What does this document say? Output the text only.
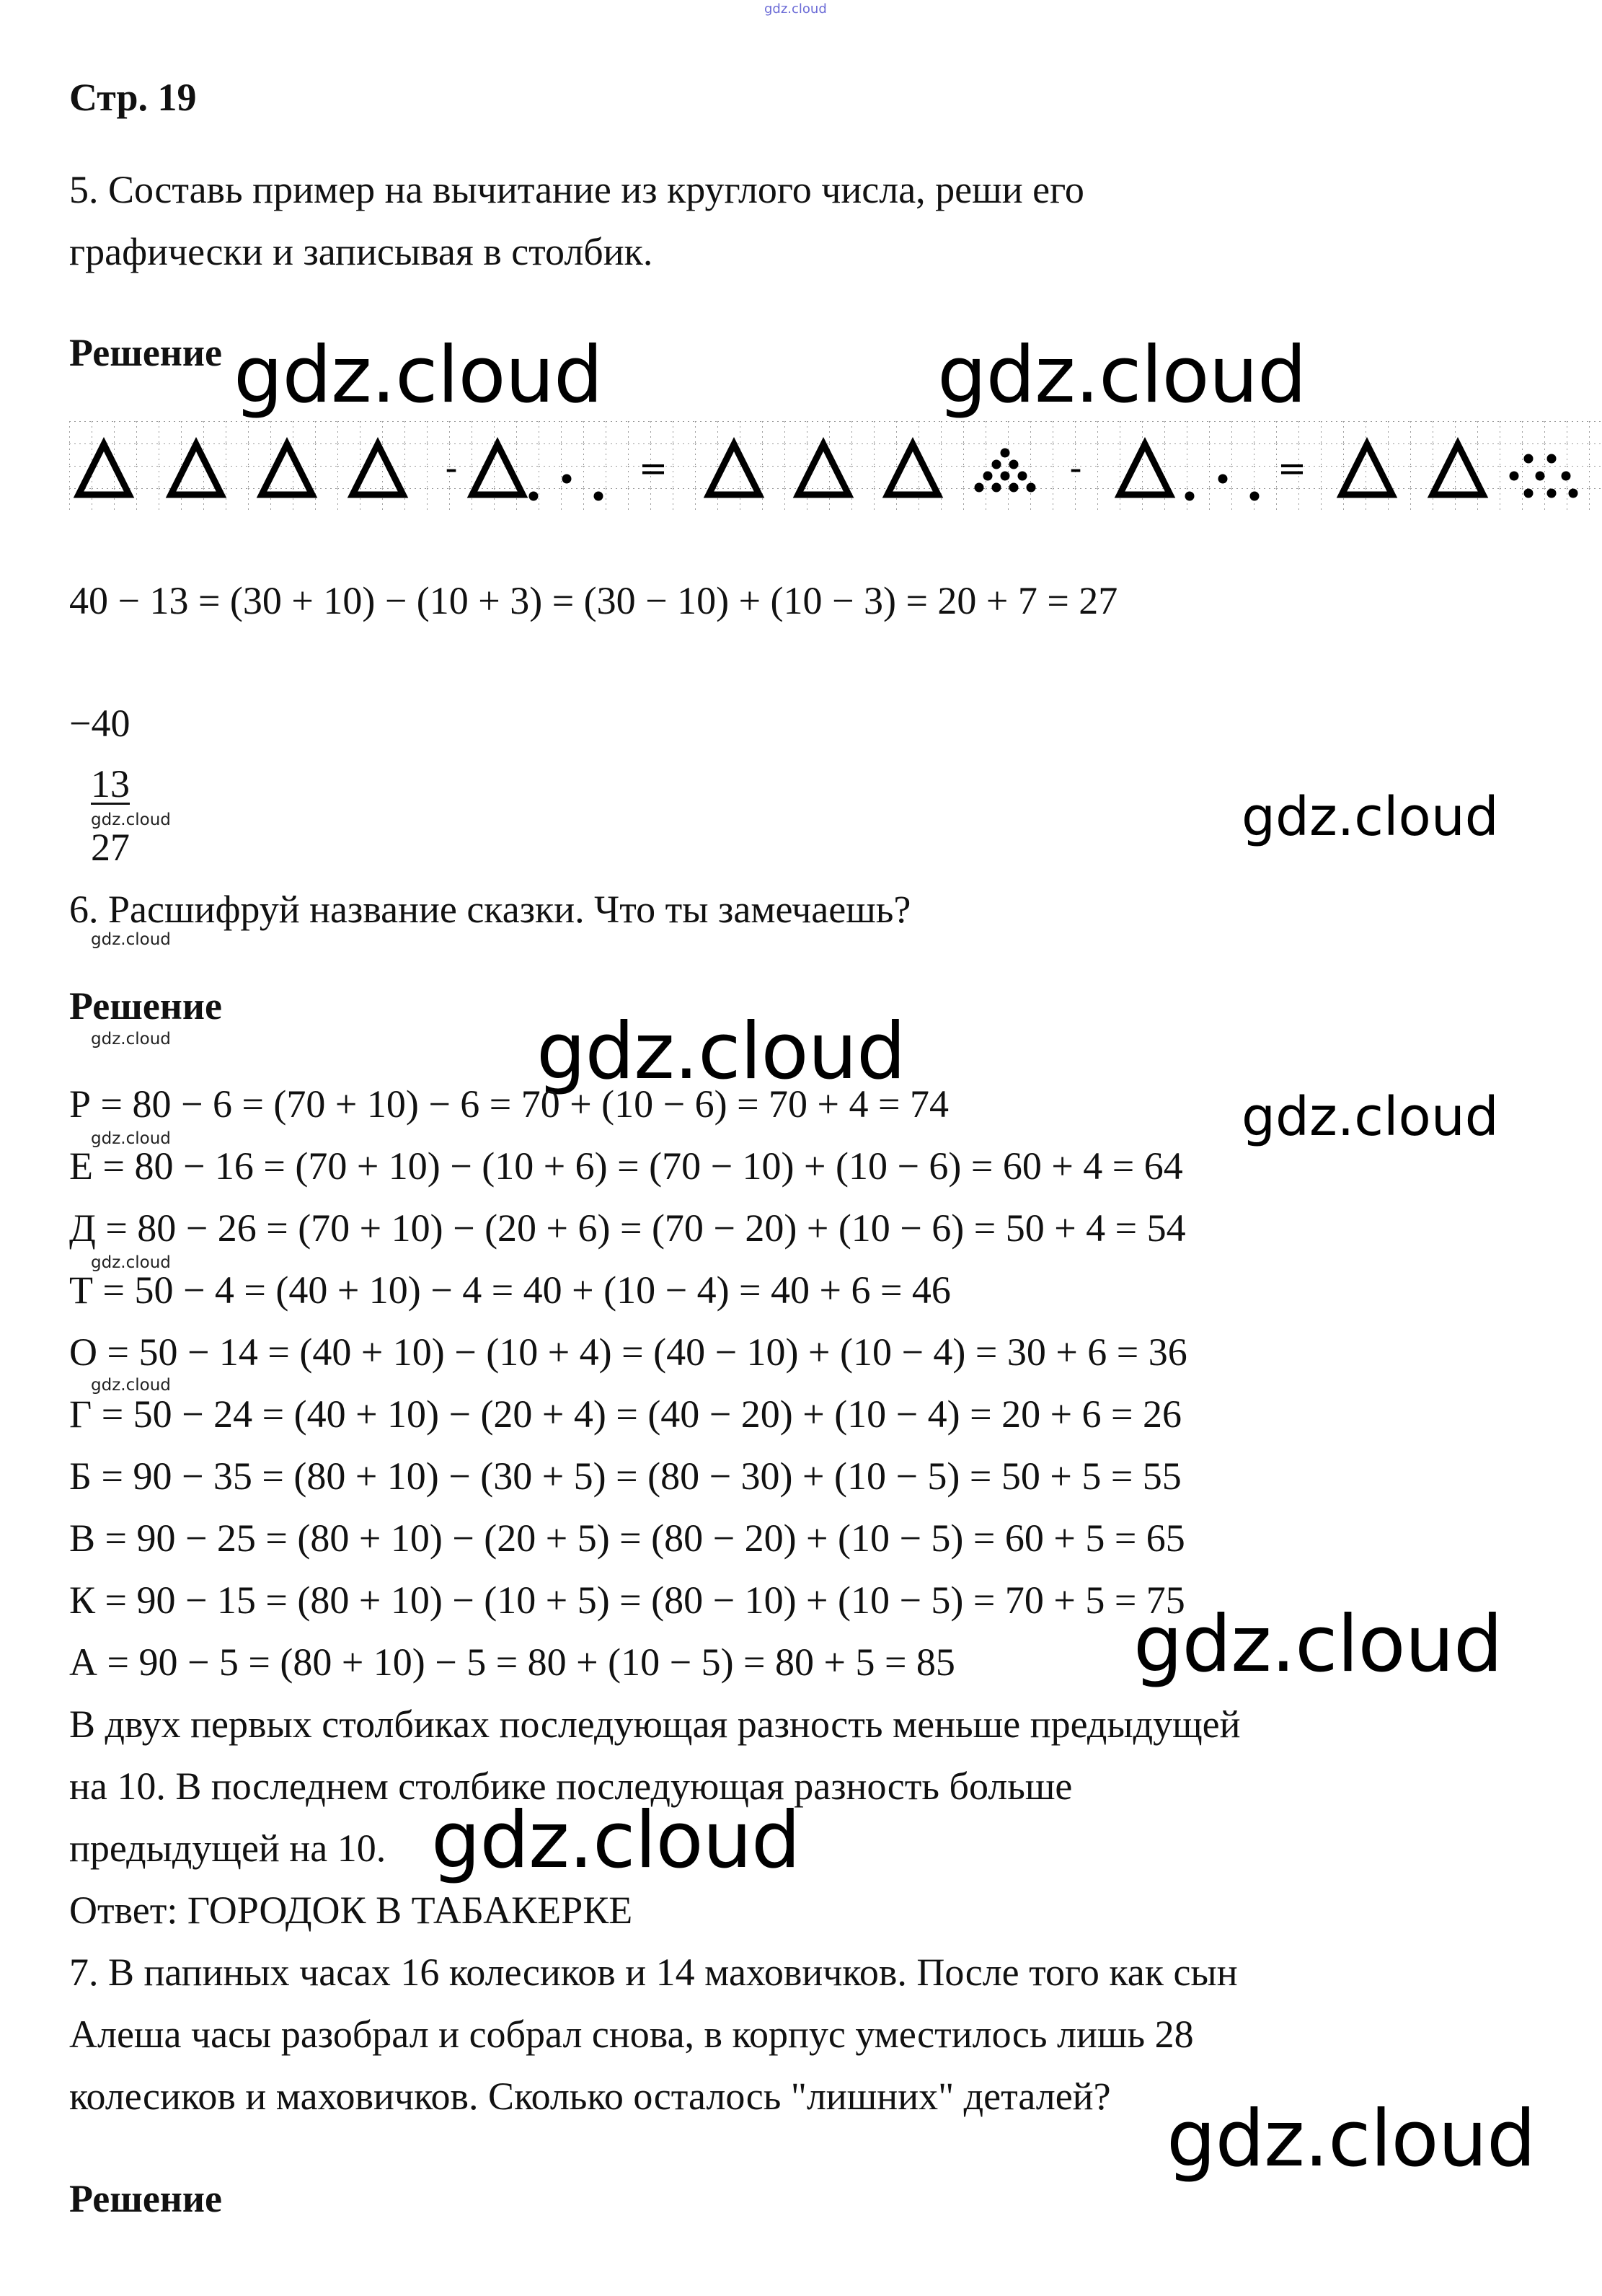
gdz.cloud
Стр. 19
5. Составь пример на вычитание из круглого числа, реши его
графически и записывая в столбик.
Решение gdz.cloud	gdz.cloud
-	=	-	=
40 − 13 = (30 + 10) − (10 + 3) = (30 − 10) + (10 − 3) = 20 + 7 = 27
−40
13
gdz.cloud
27	gdz.cloud
6. Расшифруй название сказки. Что ты замечаешь?
gdz.cloud
Решение
gdz.cloud	gdz.cloud
gdz.cloud
Р = 80 − 6 = (70 + 10) − 6 = 70 + (10 − 6) = 70 + 4 = 74
gdz.cloud
Е = 80 − 16 = (70 + 10) − (10 + 6) = (70 − 10) + (10 − 6) = 60 + 4 = 64
Д = 80 − 26 = (70 + 10) − (20 + 6) = (70 − 20) + (10 − 6) = 50 + 4 = 54
gdz.cloud
Т = 50 − 4 = (40 + 10) − 4 = 40 + (10 − 4) = 40 + 6 = 46
О = 50 − 14 = (40 + 10) − (10 + 4) = (40 − 10) + (10 − 4) = 30 + 6 = 36
gdz.cloud
Г = 50 − 24 = (40 + 10) − (20 + 4) = (40 − 20) + (10 − 4) = 20 + 6 = 26
Б = 90 − 35 = (80 + 10) − (30 + 5) = (80 − 30) + (10 − 5) = 50 + 5 = 55
В = 90 − 25 = (80 + 10) − (20 + 5) = (80 − 20) + (10 − 5) = 60 + 5 = 65
К = 90 − 15 = (80 + 10) − (10 + 5) = (80 − 10) + (10 − 5) = 70 + 5 = 75
А = 90 − 5 = (80 + 10) − 5 = 80 + (10 − 5) = 80 + 5 = 85 gdz.cloud
В двух первых столбиках последующая разность меньше предыдущей
на 10. В последнем столбике последующая разность больше
предыдущей на 10. gdz.cloud
Ответ: ГОРОДОК В ТАБАКЕРКЕ
7. В папиных часах 16 колесиков и 14 маховичков. После того как сын
Алеша часы разобрал и собрал снова, в корпус уместилось лишь 28
колесиков и маховичков. Сколько осталось "лишних" деталей? gdz.cloud
Решение
